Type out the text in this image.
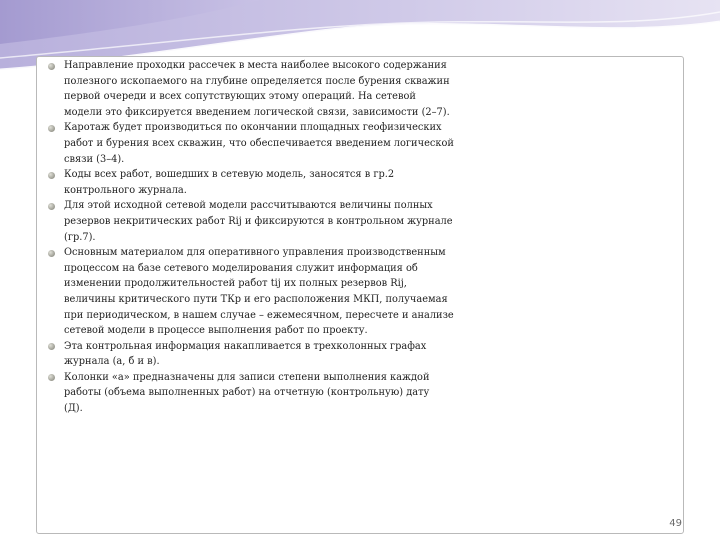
Направление проходки рассечек в места наиболее высокого содержания
полезного ископаемого на глубине определяется после бурения скважин
первой очереди и всех сопутствующих этому операций. На сетевой
модели это фиксируется введением логической связи, зависимости (2–7).
Каротаж будет производиться по окончании площадных геофизических
работ и бурения всех скважин, что обеспечивается введением логической
связи (3–4).
Коды всех работ, вошедших в сетевую модель, заносятся в гр.2
контрольного журнала.
Для этой исходной сетевой модели рассчитываются величины полных
резервов некритических работ Rij и фиксируются в контрольном журнале
(гр.7).
Основным материалом для оперативного управления производственным
процессом на базе сетевого моделирования служит информация об
изменении продолжительностей работ tij их полных резервов Rij,
величины критического пути TКр и его расположения МКП, получаемая
при периодическом, в нашем случае – ежемесячном, пересчете и анализе
сетевой модели в процессе выполнения работ по проекту.
Эта контрольная информация накапливается в трехколонных графах
журнала (а, б и в).
Колонки «а» предназначены для записи степени выполнения каждой
работы (объема выполненных работ) на отчетную (контрольную) дату
(Д).
49
